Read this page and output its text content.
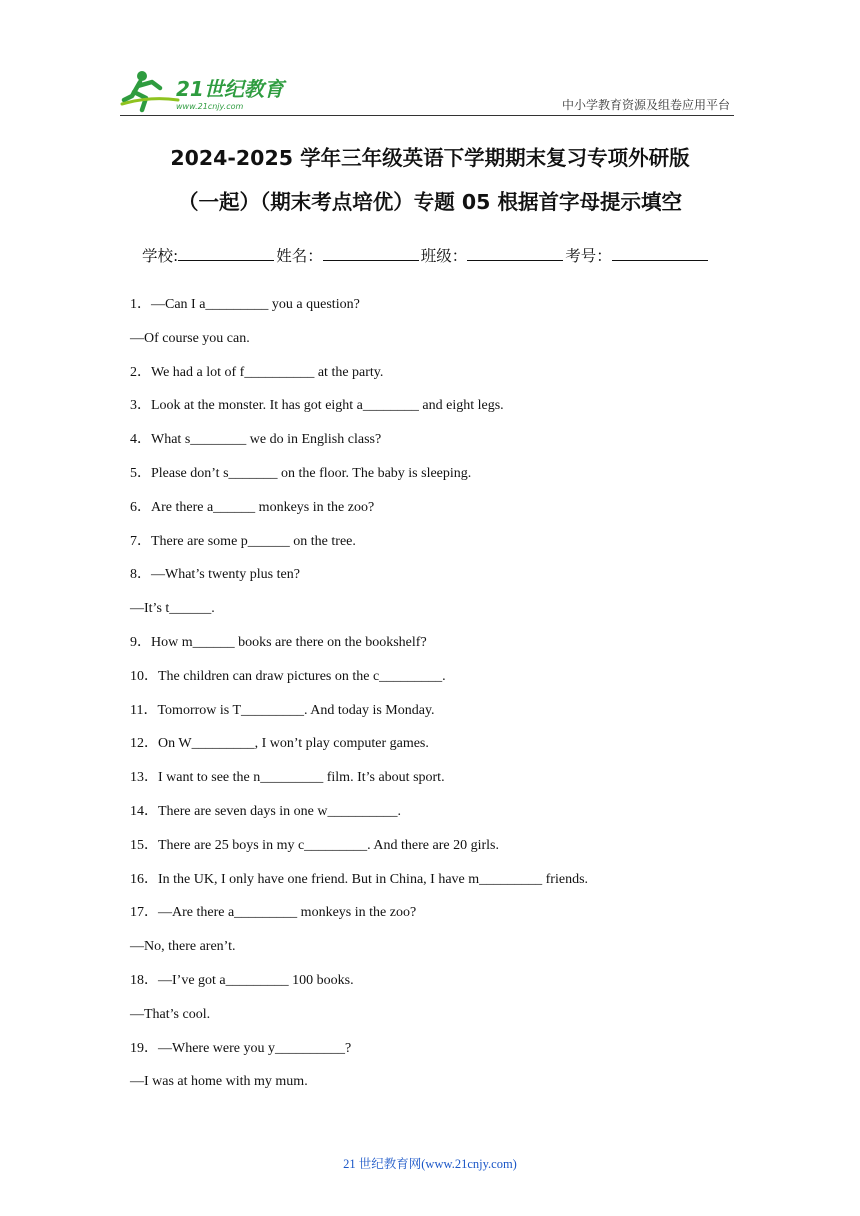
21世纪教育
www.21cnjy.com	中小学教育资源及组卷应用平台
2024-2025 学年三年级英语下学期期末复习专项外研版
（一起）（期末考点培优）专题 05 根据首字母提示填空
学校:	姓名：	班级：	考号：
1．—Can I a_________ you a question?
—Of course you can.
2．We had a lot of f__________ at the party.
3．Look at the monster. It has got eight a________ and eight legs.
4．What s________ we do in English class?
5．Please don’t s_______ on the floor. The baby is sleeping.
6．Are there a______ monkeys in the zoo?
7．There are some p______ on the tree.
8．—What’s twenty plus ten?
—It’s t______.
9．How m______ books are there on the bookshelf?
10．The children can draw pictures on the c_________.
11．Tomorrow is T_________. And today is Monday.
12．On W_________, I won’t play computer games.
13．I want to see the n_________ film. It’s about sport.
14．There are seven days in one w__________.
15．There are 25 boys in my c_________. And there are 20 girls.
16．In the UK, I only have one friend. But in China, I have m_________ friends.
17．—Are there a_________ monkeys in the zoo?
—No, there aren’t.
18．—I’ve got a_________ 100 books.
—That’s cool.
19．—Where were you y__________?
—I was at home with my mum.
21 世纪教育网(www.21cnjy.com)
